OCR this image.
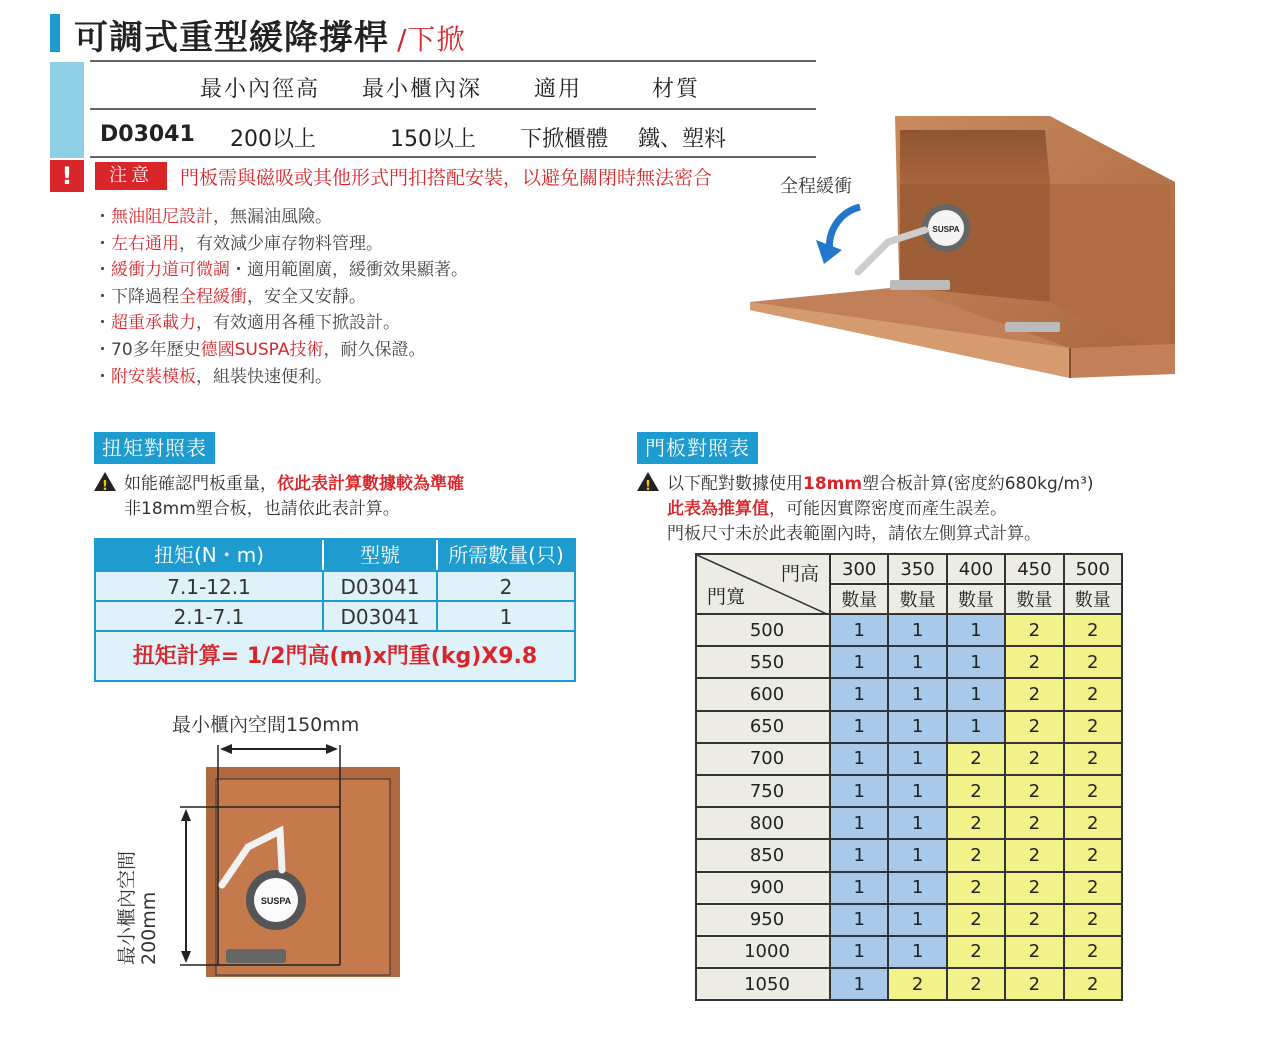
可調式重型緩降撐桿 /下掀
最小內徑高 最小櫃內深 適用	材質
D03041 200以上	150以上 下掀櫃體 鐵、塑料
!	注意	門板需與磁吸或其他形式門扣搭配安裝，以避免關閉時無法密合
・無油阻尼設計，無漏油風險。
・左右通用，有效減少庫存物料管理。
・緩衝力道可微調・適用範圍廣，緩衝效果顯著。
・下降過程全程緩衝，安全又安靜。
・超重承載力，有效適用各種下掀設計。
・70多年歷史德國SUSPA技術，耐久保證。
・附安裝模板，組裝快速便利。
SUSPA
全程緩衝
扭矩對照表
!如能確認門板重量，依此表計算數據較為準確
非18mm塑合板，也請依此表計算。
扭矩(N・m)	型號	所需數量(只)
7.1-12.1	D03041	2
2.1-7.1	D03041	1
扭矩計算= 1/2門高(m)x門重(kg)X9.8
最小櫃內空間150mm
SUSPA
最小櫃內空間 200mm
門板對照表
!以下配對數據使用18mm塑合板計算(密度約680kg/m³)
此表為推算值，可能因實際密度而產生誤差。
門板尺寸未於此表範圍內時，請依左側算式計算。
門高
門寬	300	350	400	450	500
	數量	數量	數量	數量	數量
500	1	1	1	2	2
550	1	1	1	2	2
600	1	1	1	2	2
650	1	1	1	2	2
700	1	1	2	2	2
750	1	1	2	2	2
800	1	1	2	2	2
850	1	1	2	2	2
900	1	1	2	2	2
950	1	1	2	2	2
1000	1	1	2	2	2
1050	1	2	2	2	2
